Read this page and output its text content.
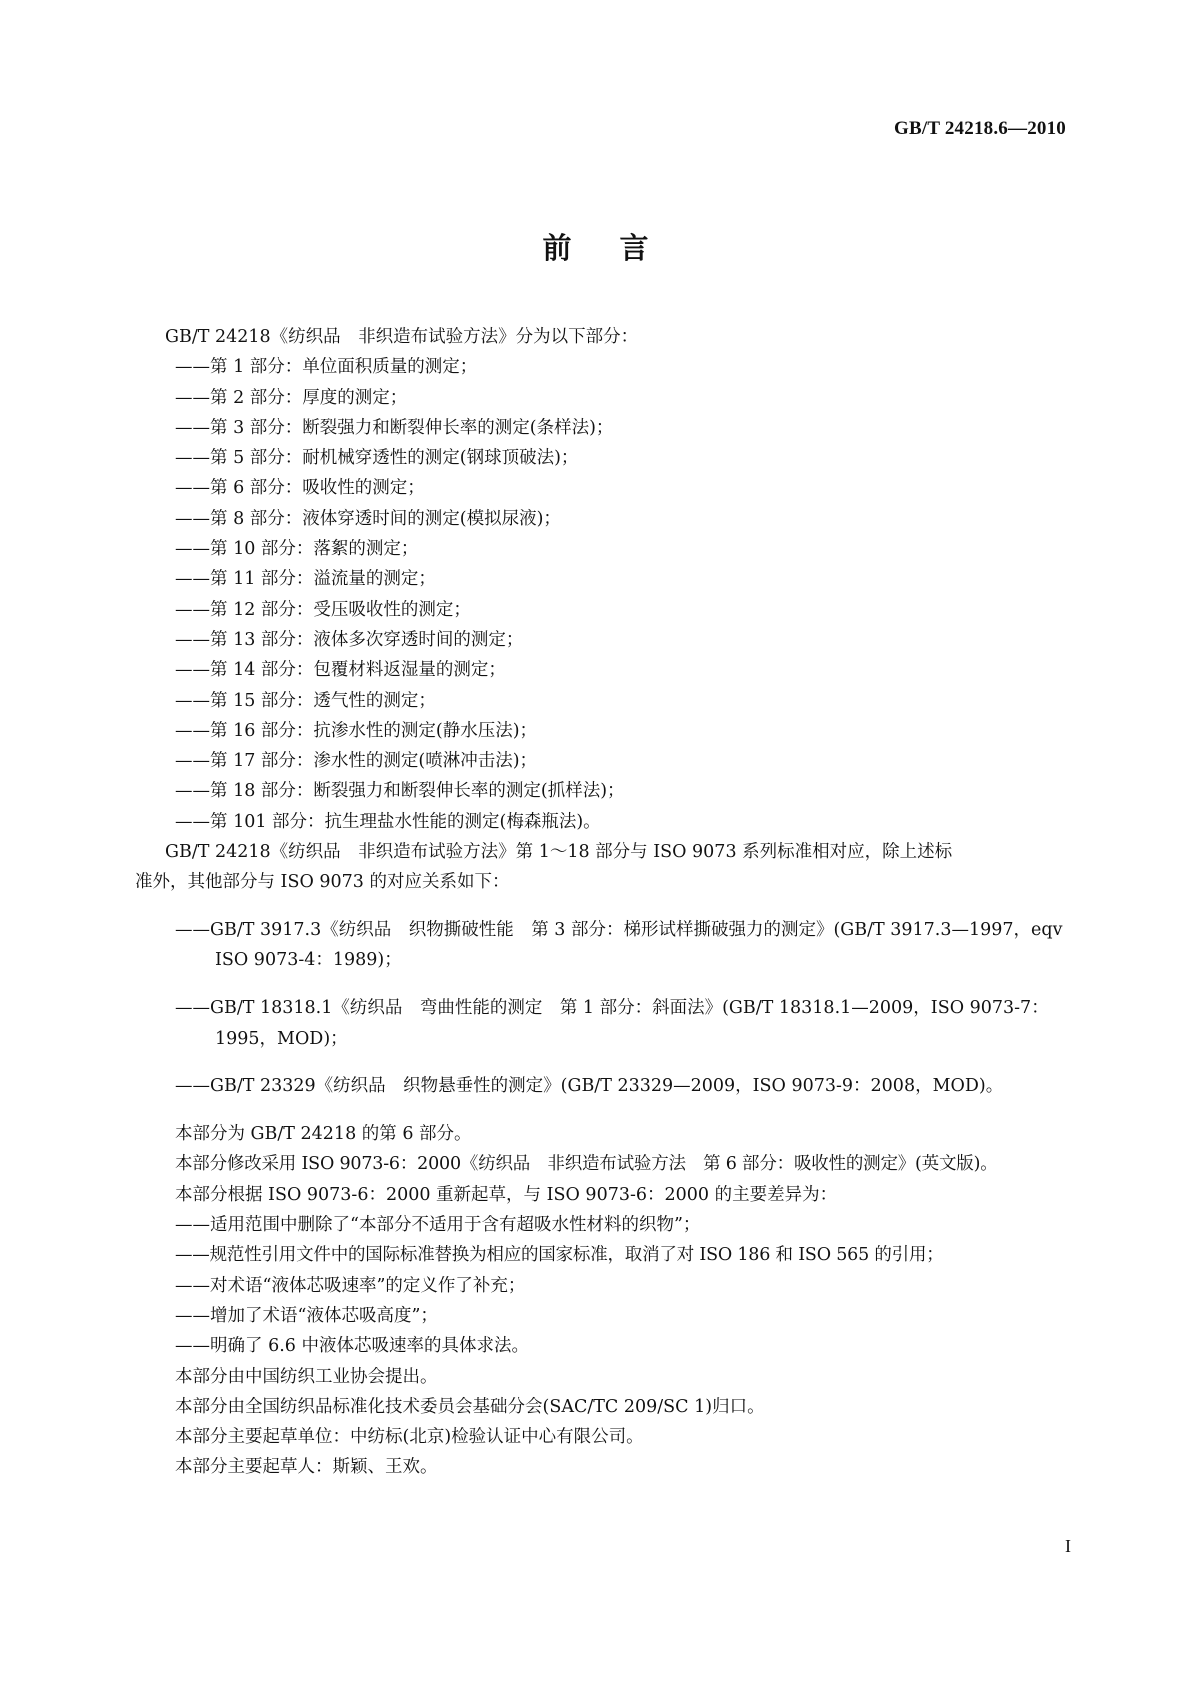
GB/T 24218.6—2010
前言

GB/T 24218《纺织品　非织造布试验方法》分为以下部分：

——第 1 部分：单位面积质量的测定；

——第 2 部分：厚度的测定；

——第 3 部分：断裂强力和断裂伸长率的测定(条样法)；

——第 5 部分：耐机械穿透性的测定(钢球顶破法)；

——第 6 部分：吸收性的测定；

——第 8 部分：液体穿透时间的测定(模拟尿液)；

——第 10 部分：落絮的测定；

——第 11 部分：溢流量的测定；

——第 12 部分：受压吸收性的测定；

——第 13 部分：液体多次穿透时间的测定；

——第 14 部分：包覆材料返湿量的测定；

——第 15 部分：透气性的测定；

——第 16 部分：抗渗水性的测定(静水压法)；

——第 17 部分：渗水性的测定(喷淋冲击法)；

——第 18 部分：断裂强力和断裂伸长率的测定(抓样法)；

——第 101 部分：抗生理盐水性能的测定(梅森瓶法)。

GB/T 24218《纺织品　非织造布试验方法》第 1～18 部分与 ISO 9073 系列标准相对应，除上述标

准外，其他部分与 ISO 9073 的对应关系如下：

——GB/T 3917.3《纺织品　织物撕破性能　第 3 部分：梯形试样撕破强力的测定》(GB/T 3917.3—1997，eqv ISO 9073-4：1989)；

——GB/T 18318.1《纺织品　弯曲性能的测定　第 1 部分：斜面法》(GB/T 18318.1—2009，ISO 9073-7：1995，MOD)；

——GB/T 23329《纺织品　织物悬垂性的测定》(GB/T 23329—2009，ISO 9073-9：2008，MOD)。

本部分为 GB/T 24218 的第 6 部分。

本部分修改采用 ISO 9073-6：2000《纺织品　非织造布试验方法　第 6 部分：吸收性的测定》(英文版)。

本部分根据 ISO 9073-6：2000 重新起草，与 ISO 9073-6：2000 的主要差异为：

——适用范围中删除了“本部分不适用于含有超吸水性材料的织物”；

——规范性引用文件中的国际标准替换为相应的国家标准，取消了对 ISO 186 和 ISO 565 的引用；

——对术语“液体芯吸速率”的定义作了补充；

——增加了术语“液体芯吸高度”；

——明确了 6.6 中液体芯吸速率的具体求法。

本部分由中国纺织工业协会提出。

本部分由全国纺织品标准化技术委员会基础分会(SAC/TC 209/SC 1)归口。

本部分主要起草单位：中纺标(北京)检验认证中心有限公司。

本部分主要起草人：斯颖、王欢。

I
